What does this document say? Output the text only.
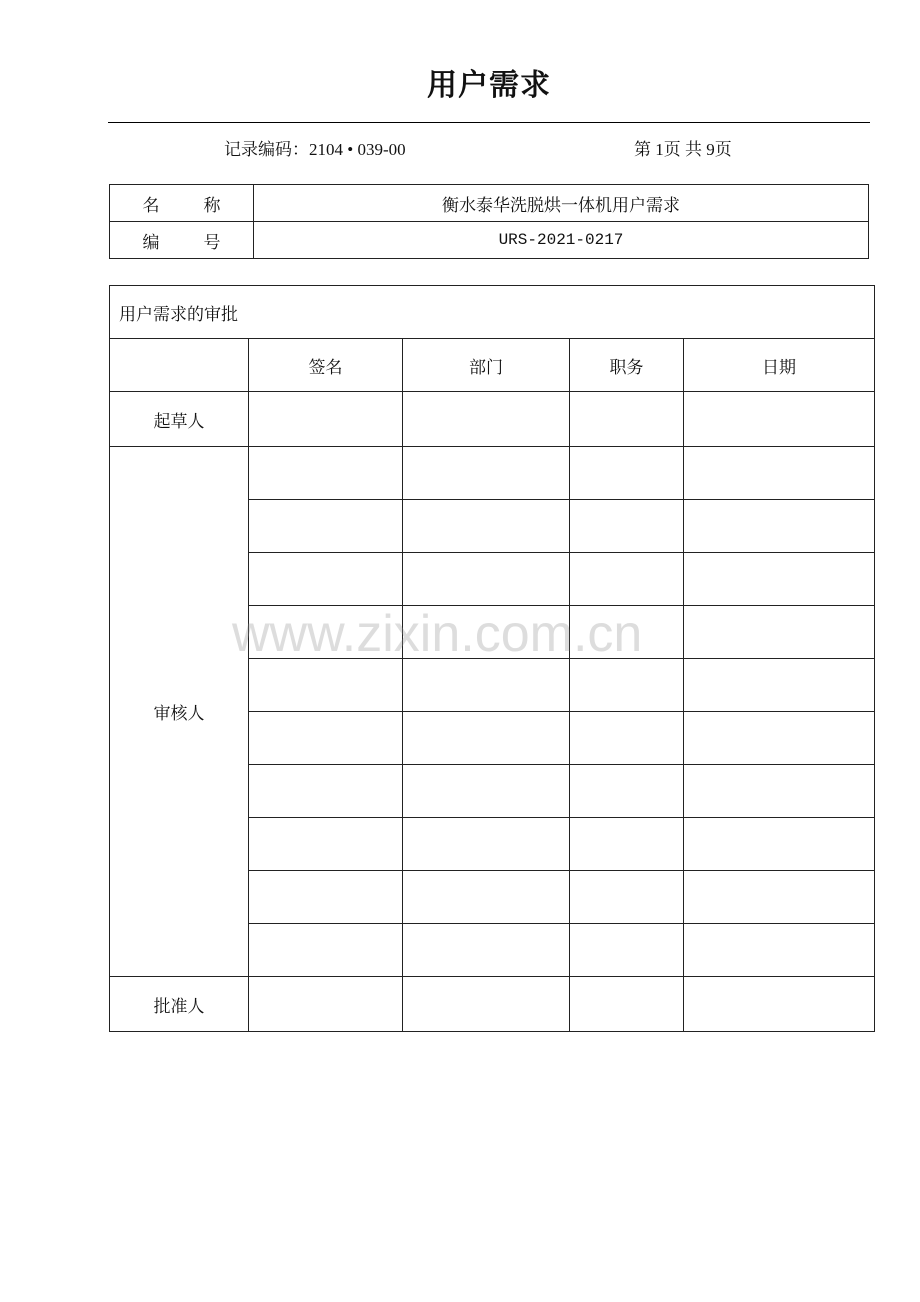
用户需求
记录编码：2104 • 039-00	第 1页 共 9页
名称	衡水泰华洗脱烘一体机用户需求
编号	URS-2021-0217
用户需求的审批				
	签名	部门	职务	日期
起草人				
审核人				

批准人				
www.zixin.com.cn
